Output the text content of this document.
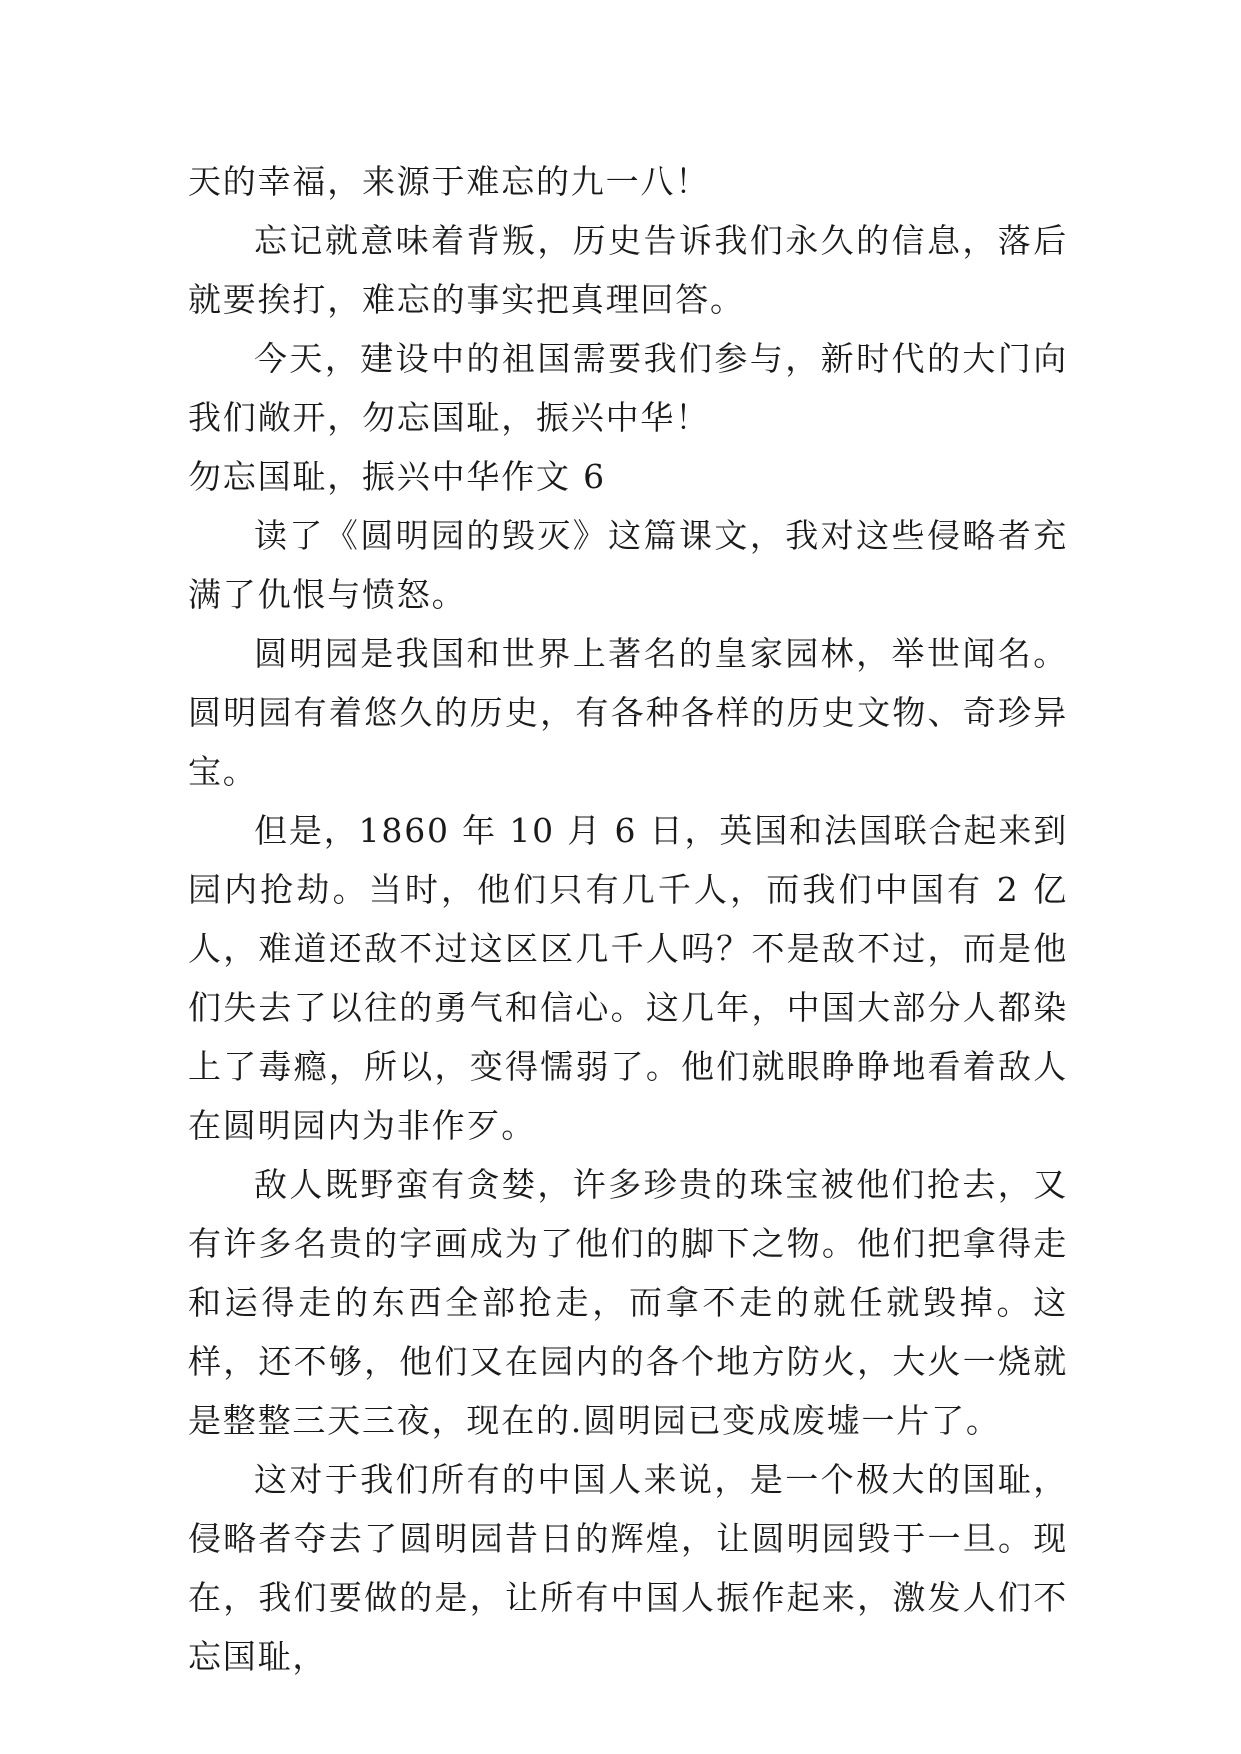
天的幸福，来源于难忘的九一八！

忘记就意味着背叛，历史告诉我们永久的信息，落后就要挨打，难忘的事实把真理回答。

今天，建设中的祖国需要我们参与，新时代的大门向我们敞开，勿忘国耻，振兴中华！

勿忘国耻，振兴中华作文 6

读了《圆明园的毁灭》这篇课文，我对这些侵略者充满了仇恨与愤怒。

圆明园是我国和世界上著名的皇家园林，举世闻名。圆明园有着悠久的历史，有各种各样的历史文物、奇珍异宝。

但是，1860 年 10 月 6 日，英国和法国联合起来到园内抢劫。当时，他们只有几千人，而我们中国有 2 亿人，难道还敌不过这区区几千人吗？不是敌不过，而是他们失去了以往的勇气和信心。这几年，中国大部分人都染上了毒瘾，所以，变得懦弱了。他们就眼睁睁地看着敌人在圆明园内为非作歹。

敌人既野蛮有贪婪，许多珍贵的珠宝被他们抢去，又有许多名贵的字画成为了他们的脚下之物。他们把拿得走和运得走的东西全部抢走，而拿不走的就任就毁掉。这样，还不够，他们又在园内的各个地方防火，大火一烧就是整整三天三夜，现在的.圆明园已变成废墟一片了。

这对于我们所有的中国人来说，是一个极大的国耻，侵略者夺去了圆明园昔日的辉煌，让圆明园毁于一旦。现在，我们要做的是，让所有中国人振作起来，激发人们不忘国耻，
